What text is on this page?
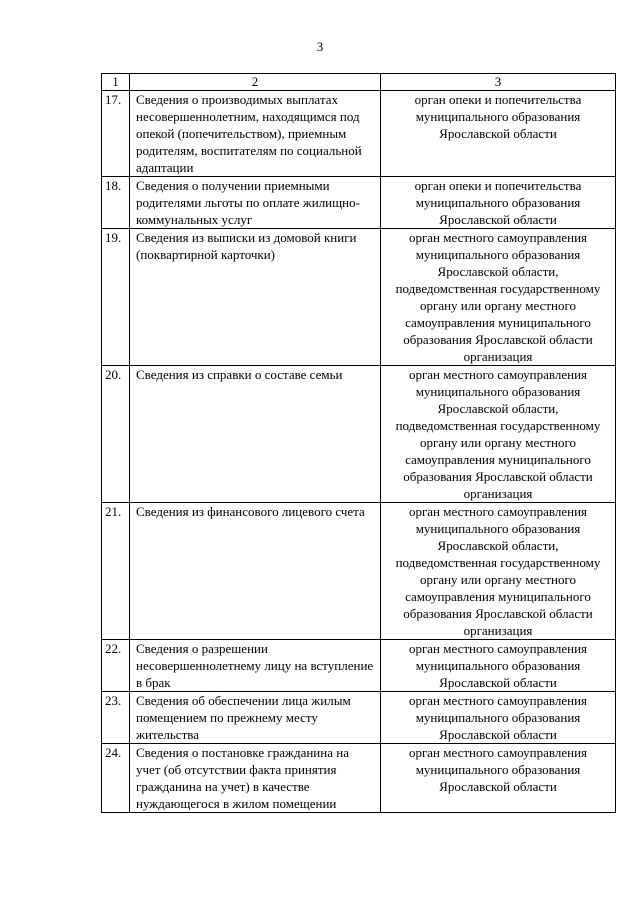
3
1	2	3
17.	Сведения о производимых выплатах несовершеннолетним, находящимся под опекой (попечительством), приемным родителям, воспитателям по социальной адаптации	орган опеки и попечительства муниципального образования Ярославской области
18.	Сведения о получении приемными родителями льготы по оплате жилищно-коммунальных услуг	орган опеки и попечительства муниципального образования Ярославской области
19.	Сведения из выписки из домовой книги (поквартирной карточки)	орган местного самоуправления муниципального образования Ярославской области, подведомственная государственному органу или органу местного самоуправления муниципального образования Ярославской области организация
20.	Сведения из справки о составе семьи	орган местного самоуправления муниципального образования Ярославской области, подведомственная государственному органу или органу местного самоуправления муниципального образования Ярославской области организация
21.	Сведения из финансового лицевого счета	орган местного самоуправления муниципального образования Ярославской области, подведомственная государственному органу или органу местного самоуправления муниципального образования Ярославской области организация
22.	Сведения о разрешении несовершеннолетнему лицу на вступление в брак	орган местного самоуправления муниципального образования Ярославской области
23.	Сведения об обеспечении лица жилым помещением по прежнему месту жительства	орган местного самоуправления муниципального образования Ярославской области
24.	Сведения о постановке гражданина на учет (об отсутствии факта принятия гражданина на учет) в качестве нуждающегося в жилом помещении	орган местного самоуправления муниципального образования Ярославской области
